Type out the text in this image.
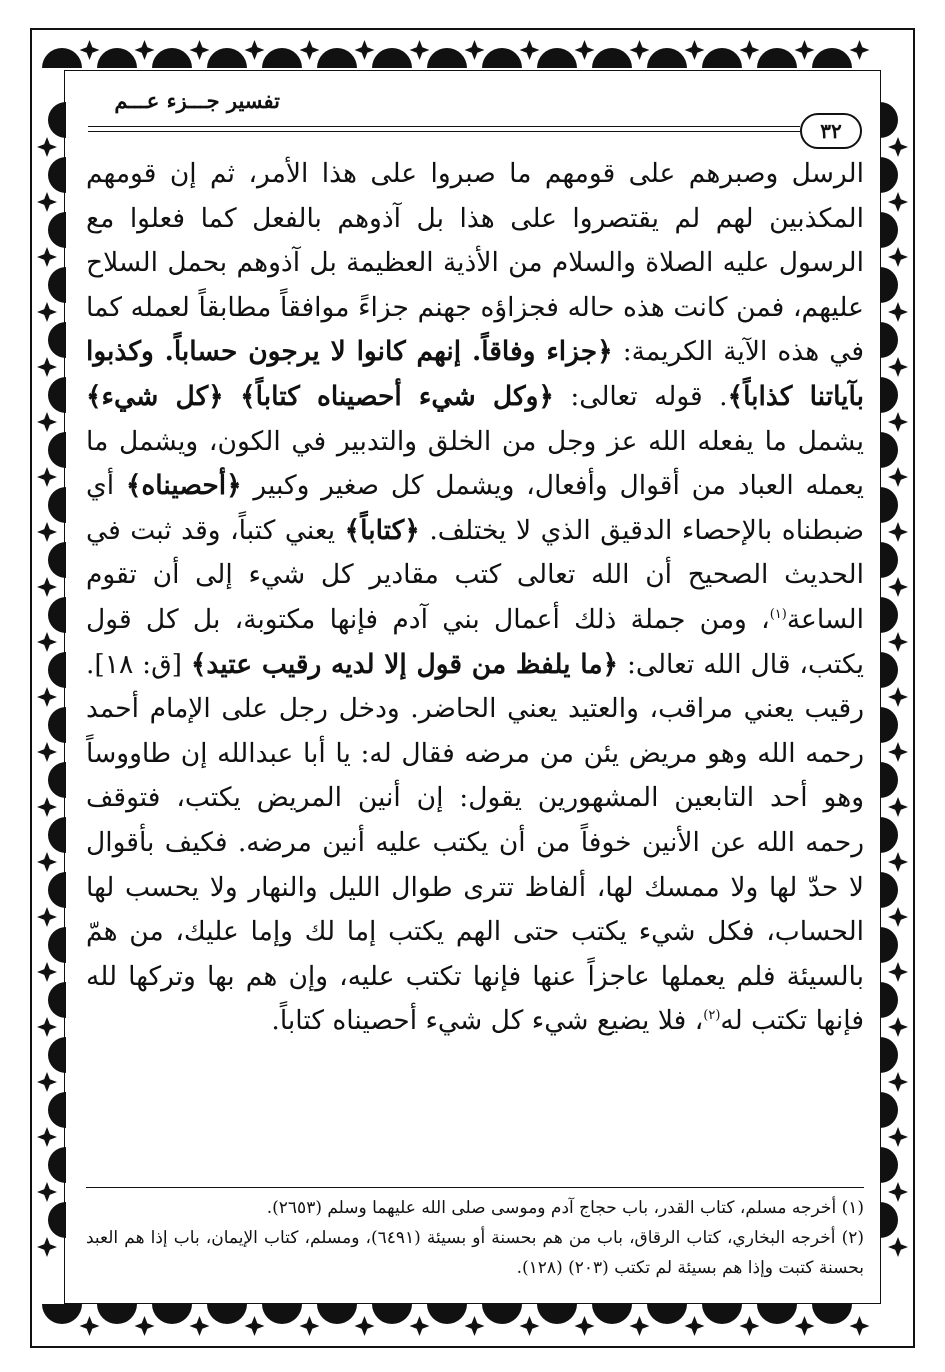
تفسير جـــزء عـــم
٣٢

الرسل وصبرهم على قومهم ما صبروا على هذا الأمر، ثم إن قومهم المكذبين لهم لم يقتصروا على هذا بل آذوهم بالفعل كما فعلوا مع الرسول عليه الصلاة والسلام من الأذية العظيمة بل آذوهم بحمل السلاح عليهم، فمن كانت هذه حاله فجزاؤه جهنم جزاءً موافقاً مطابقاً لعمله كما في هذه الآية الكريمة: ﴿جزاء وفاقاً. إنهم كانوا لا يرجون حساباً. وكذبوا بآياتنا كذاباً﴾. قوله تعالى: ﴿وكل شيء أحصيناه كتاباً﴾ ﴿كل شيء﴾ يشمل ما يفعله الله عز وجل من الخلق والتدبير في الكون، ويشمل ما يعمله العباد من أقوال وأفعال، ويشمل كل صغير وكبير ﴿أحصيناه﴾ أي ضبطناه بالإحصاء الدقيق الذي لا يختلف. ﴿كتاباً﴾ يعني كتباً، وقد ثبت في الحديث الصحيح أن الله تعالى كتب مقادير كل شيء إلى أن تقوم الساعة$^{(١)}$، ومن جملة ذلك أعمال بني آدم فإنها مكتوبة، بل كل قول يكتب، قال الله تعالى: ﴿ما يلفظ من قول إلا لديه رقيب عتيد﴾ [ق: ١٨]. رقيب يعني مراقب، والعتيد يعني الحاضر. ودخل رجل على الإمام أحمد رحمه الله وهو مريض يئن من مرضه فقال له: يا أبا عبدالله إن طاووساً وهو أحد التابعين المشهورين يقول: إن أنين المريض يكتب، فتوقف رحمه الله عن الأنين خوفاً من أن يكتب عليه أنين مرضه. فكيف بأقوال لا حدّ لها ولا ممسك لها، ألفاظ تترى طوال الليل والنهار ولا يحسب لها الحساب، فكل شيء يكتب حتى الهم يكتب إما لك وإما عليك، من همّ بالسيئة فلم يعملها عاجزاً عنها فإنها تكتب عليه، وإن هم بها وتركها لله فإنها تكتب له$^{(٢)}$، فلا يضيع شيء كل شيء أحصيناه كتاباً.

(١) أخرجه مسلم، كتاب القدر، باب حجاج آدم وموسى صلى الله عليهما وسلم (٢٦٥٣).

(٢) أخرجه البخاري، كتاب الرقاق، باب من هم بحسنة أو بسيئة (٦٤٩١)، ومسلم، كتاب الإيمان، باب إذا هم العبد بحسنة كتبت وإذا هم بسيئة لم تكتب (٢٠٣) (١٢٨).
